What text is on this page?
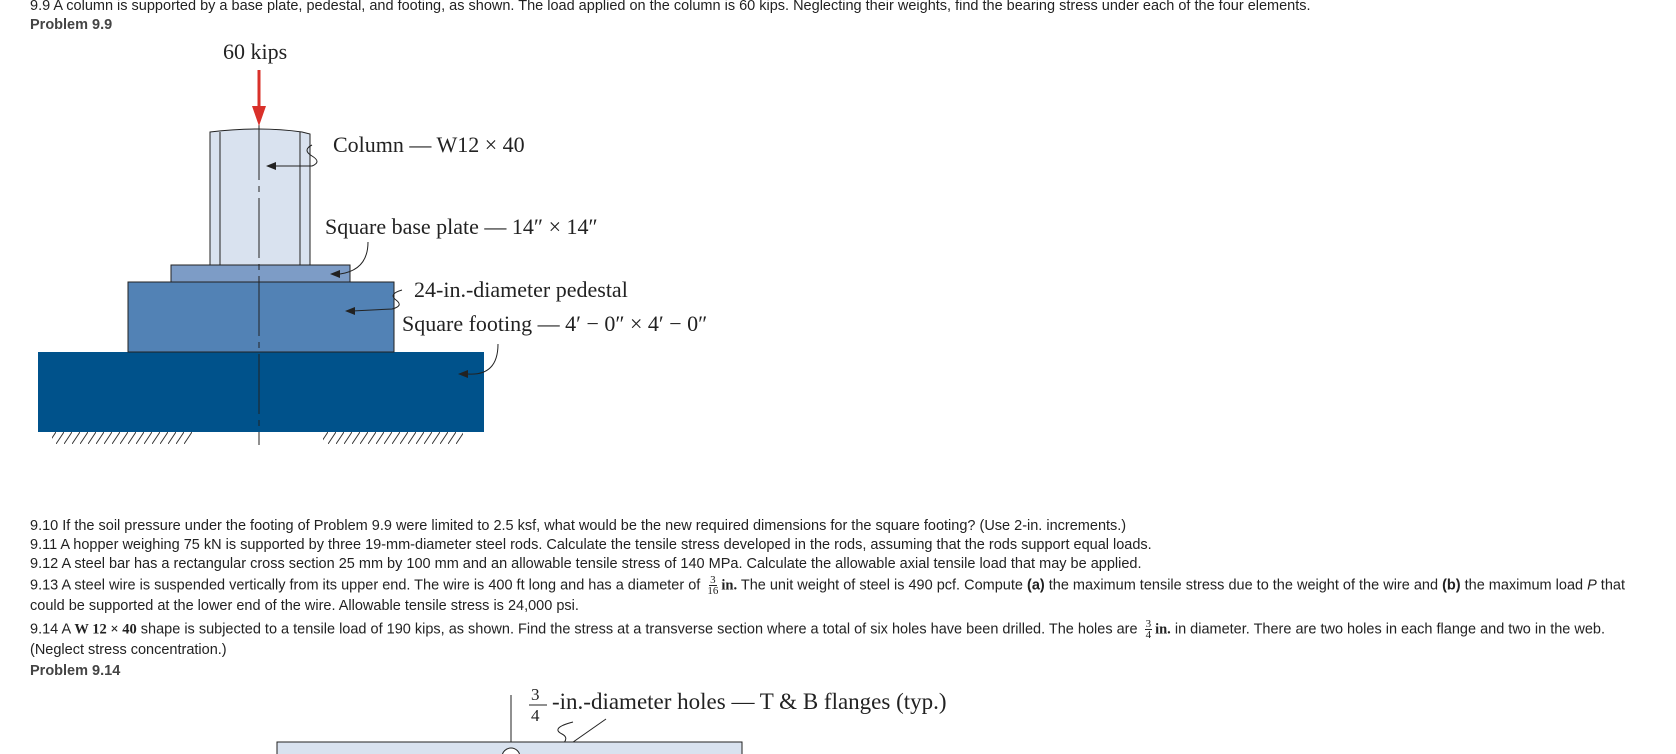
9.9 A column is supported by a base plate, pedestal, and footing, as shown. The load applied on the column is 60 kips. Neglecting their weights, find the bearing stress under each of the four elements.
Problem 9.9
60 kips
Column — W12 × 40
Square base plate — 14″ × 14″
24-in.-diameter pedestal
Square footing — 4′ − 0″ × 4′ − 0″
9.10 If the soil pressure under the footing of Problem 9.9 were limited to 2.5 ksf, what would be the new required dimensions for the square footing? (Use 2-in. increments.)
9.11 A hopper weighing 75 kN is supported by three 19-mm-diameter steel rods. Calculate the tensile stress developed in the rods, assuming that the rods support equal loads.
9.12 A steel bar has a rectangular cross section 25 mm by 100 mm and an allowable tensile stress of 140 MPa. Calculate the allowable axial tensile load that may be applied.
9.13 A steel wire is suspended vertically from its upper end. The wire is 400 ft long and has a diameter of $\frac{3}{16}$ in. The unit weight of steel is 490 pcf. Compute (a) the maximum tensile stress due to the weight of the wire and (b) the maximum load P that could be supported at the lower end of the wire. Allowable tensile stress is 24,000 psi.
9.14 A W 12 × 40 shape is subjected to a tensile load of 190 kips, as shown. Find the stress at a transverse section where a total of six holes have been drilled. The holes are $\frac{3}{4}$ in. in diameter. There are two holes in each flange and two in the web. (Neglect stress concentration.)
Problem 9.14
3
4
-in.-diameter holes — T & B flanges (typ.)
